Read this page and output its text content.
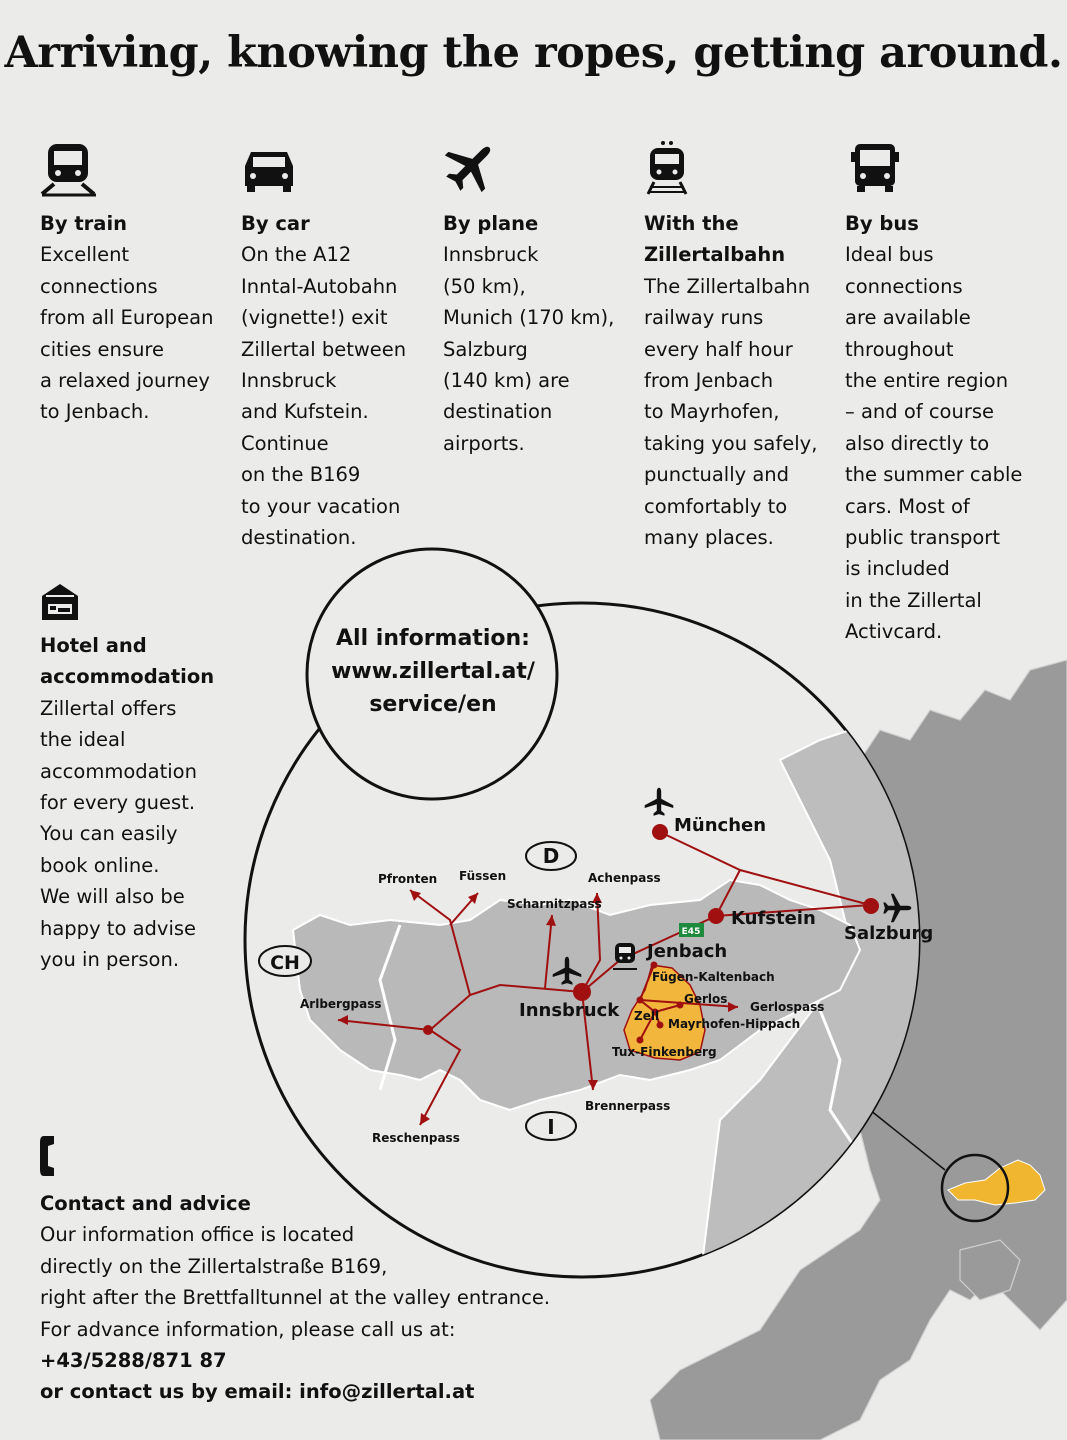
D
CH
I
E45
München
Kufstein
Salzburg
Jenbach
Innsbruck
Pfronten Füssen
Scharnitzpass
Achenpass
Arlbergpass
Reschenpass
Brennerpass
Fügen-Kaltenbach
Gerlos
Gerlospass
Zell
Mayrhofen-Hippach
Tux-Finkenberg
Arriving, knowing the ropes, getting around.
By train
Excellent
connections
from all European
cities ensure
a relaxed journey
to Jenbach.
By car
On the A12
Inntal-Autobahn
(vignette!) exit
Zillertal between
Innsbruck
and Kufstein.
Continue
on the B169
to your vacation
destination.
By plane
Innsbruck
(50 km),
Munich (170 km),
Salzburg
(140 km) are
destination
airports.
With the
Zillertalbahn
The Zillertalbahn
railway runs
every half hour
from Jenbach
to Mayrhofen,
taking you safely,
punctually and
comfortably to
many places.
By bus
Ideal bus
connections
are available
throughout
the entire region
– and of course
also directly to
the summer cable
cars. Most of
public transport
is included
in the Zillertal
Activcard.
Hotel and
accommodation
Zillertal offers
the ideal
accommodation
for every guest.
You can easily
book online.
We will also be
happy to advise
you in person.
All information:
www.zillertal.at/
service/en
Contact and advice
Our information office is located
directly on the Zillertalstraße B169,
right after the Brettfalltunnel at the valley entrance.
For advance information, please call us at:
+43/5288/871 87
or contact us by email: info@zillertal.at
